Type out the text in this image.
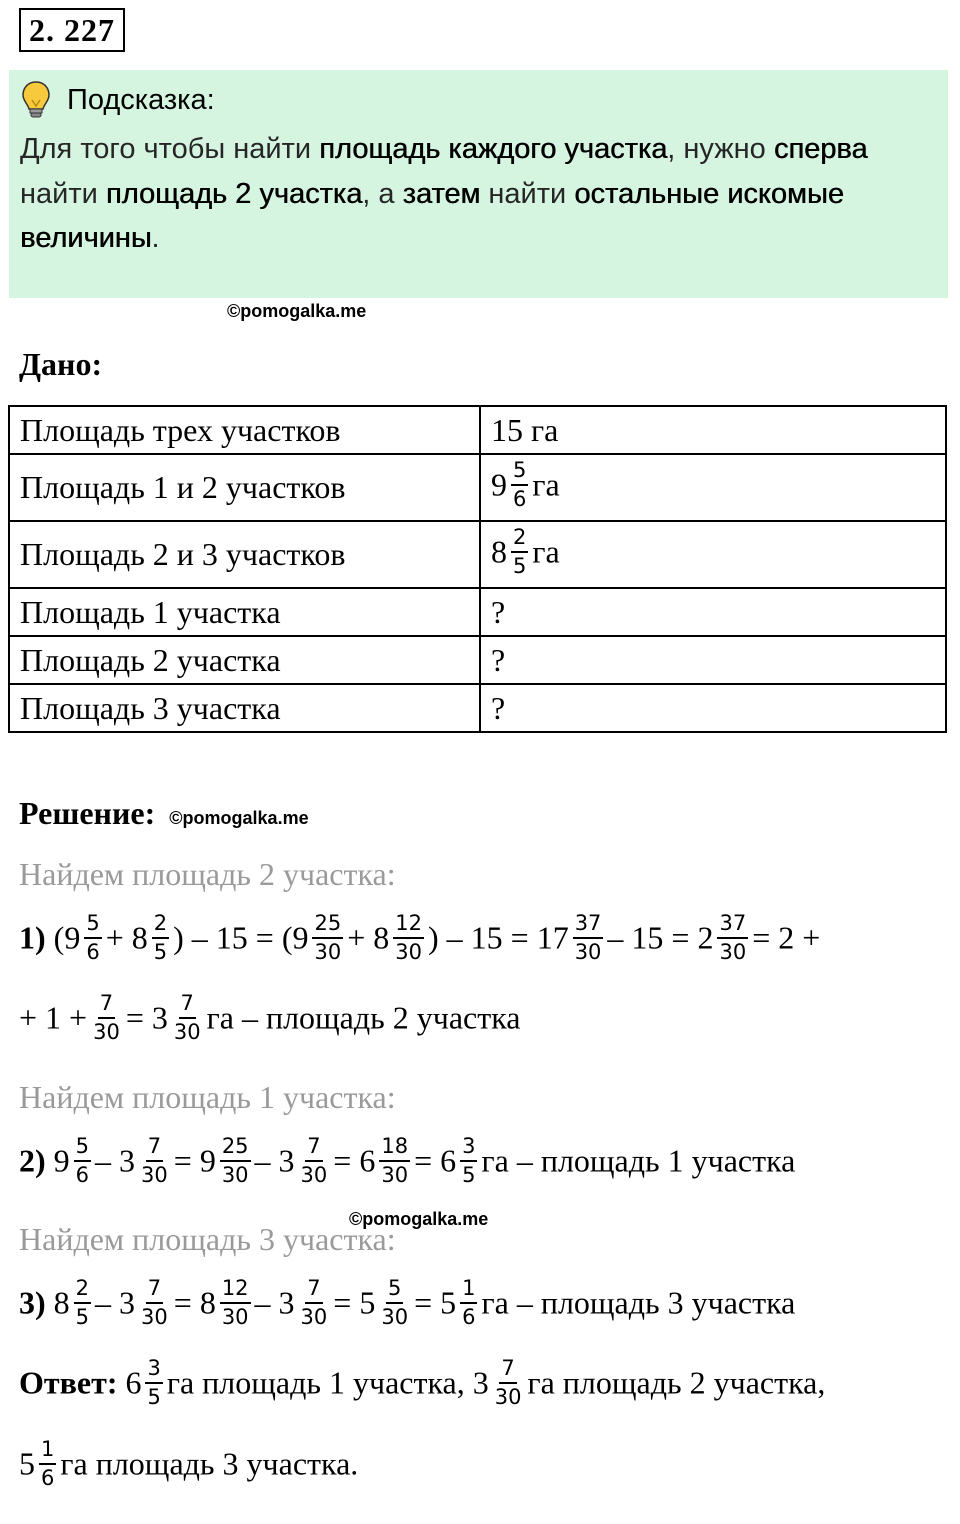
2. 227
Подсказка:
Для того чтобы найти площадь каждого участка, нужно сперва найти площадь 2 участка, а затем найти остальные искомые величины.
©pomogalka.me
Дано:
Площадь трех участков	15 га
Площадь 1 и 2 участков	$9 \frac{5}{6}$ га
Площадь 2 и 3 участков	$8 \frac{2}{5}$ га
Площадь 1 участка	?
Площадь 2 участка	?
Площадь 3 участка	?
Решение: ©pomogalka.me
Найдем площадь 2 участка:
1) ($9 \frac{5}{6} + 8 \frac{2}{5}$ ) – $15 = (9 \frac{25}{30} + 8 \frac{12}{30}$ ) – $15 = 17 \frac{37}{30} - 15 = 2 \frac{37}{30} = 2$ +
+ $1 + \frac{7}{30} = 3 \frac{7}{30}$ га – площадь 2 участка
Найдем площадь 1 участка:
2) $9 \frac{5}{6} - 3 \frac{7}{30} = 9 \frac{25}{30} - 3 \frac{7}{30} = 6 \frac{18}{30} = 6 \frac{3}{5}$ га – площадь 1 участка
©pomogalka.me
Найдем площадь 3 участка:
3) $8 \frac{2}{5} - 3 \frac{7}{30} = 8 \frac{12}{30} - 3 \frac{7}{30} = 5 \frac{5}{30} = 5 \frac{1}{6}$ га – площадь 3 участка
Ответ: $6 \frac{3}{5}$ га площадь 1 участка, $3 \frac{7}{30}$ га площадь 2 участка,
$5 \frac{1}{6}$ га площадь 3 участка.
